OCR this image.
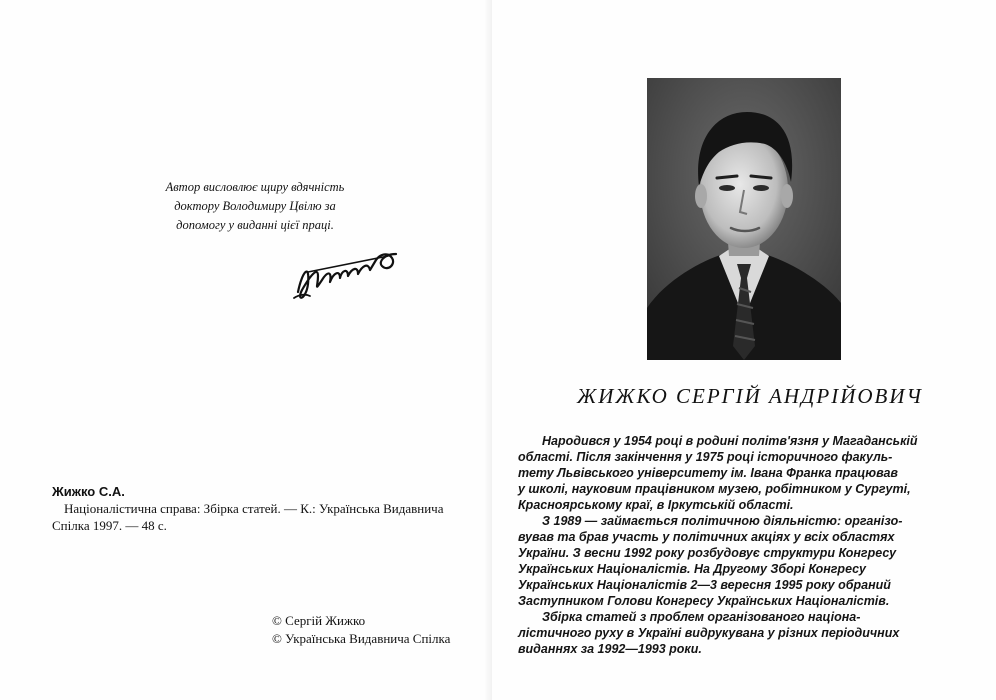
Автор висловлює щиру вдячність
доктору Володимиру Цвілю за
допомогу у виданні цієї праці.
Жижко С.А.
Націоналістична справа: Збірка статей. — К.: Українська Видавнича
Спілка 1997. — 48 с.
© Сергій Жижко
© Українська Видавнича Спілка
ЖИЖКО СЕРГІЙ АНДРІЙОВИЧ
Народився у 1954 році в родині політв'язня у Магаданській
області. Після закінчення у 1975 році історичного факуль-
тету Львівського університету ім. Івана Франка працював
у школі, науковим працівником музею, робітником у Сургуті,
Красноярському краї, в Іркутській області.
З 1989 — займається політичною діяльністю: організо-
вував та брав участь у політичних акціях у всіх областях
України. З весни 1992 року розбудовує структури Конгресу
Українських Націоналістів. На Другому Зборі Конгресу
Українських Націоналістів 2—3 вересня 1995 року обраний
Заступником Голови Конгресу Українських Націоналістів.
Збірка статей з проблем організованого націона-
лістичного руху в Україні видрукувана у різних періодичних
виданнях за 1992—1993 роки.
